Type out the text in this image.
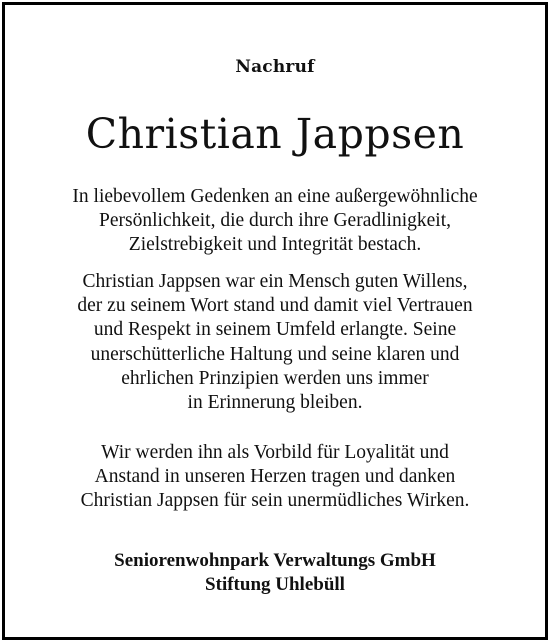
Nachruf
Christian Jappsen
In liebevollem Gedenken an eine außergewöhnliche
Persönlichkeit, die durch ihre Geradlinigkeit,
Zielstrebigkeit und Integrität bestach.
Christian Jappsen war ein Mensch guten Willens,
der zu seinem Wort stand und damit viel Vertrauen
und Respekt in seinem Umfeld erlangte. Seine
unerschütterliche Haltung und seine klaren und
ehrlichen Prinzipien werden uns immer
in Erinnerung bleiben.
Wir werden ihn als Vorbild für Loyalität und
Anstand in unseren Herzen tragen und danken
Christian Jappsen für sein unermüdliches Wirken.
Seniorenwohnpark Verwaltungs GmbH
Stiftung Uhlebüll
